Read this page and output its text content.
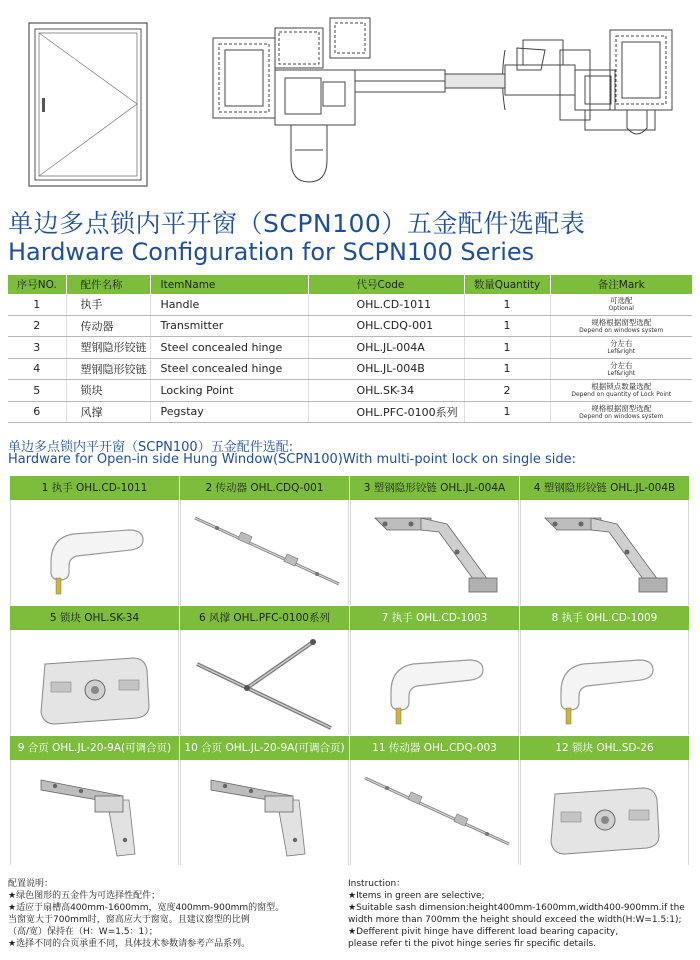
单边多点锁内平开窗（SCPN100）五金配件选配表
Hardware Configuration for SCPN100 Series
序号NO.	配件名称	ItemName	代号Code	数量Quantity	备注Mark
1	执手	Handle	OHL.CD-1011	1	可选配
Optional

2	传动器	Transmitter	OHL.CDQ-001	1	规格根据窗型选配
Depend on windows system

3	塑钢隐形铰链	Steel concealed hinge	OHL.JL-004A	1	分左右
Lef&right

4	塑钢隐形铰链	Steel concealed hinge	OHL.JL-004B	1	分左右
Lef&right

5	锁块	Locking Point	OHL.SK-34	2	根据锁点数量选配
Depend on quantity of Lock Point

6	风撑	Pegstay	OHL.PFC-0100系列	1	规格根据窗型选配
Depend on windows system
单边多点锁内平开窗（SCPN100）五金配件选配:
Hardware for Open-in side Hung Window(SCPN100)With multi-point lock on single side:
1 执手 OHL.CD-1011	2 传动器 OHL.CDQ-001	3 塑钢隐形铰链 OHL.JL-004A	4 塑钢隐形铰链 OHL.JL-004B
5 锁块 OHL.SK-34	6 风撑 OHL.PFC-0100系列	7 执手 OHL.CD-1003	8 执手 OHL.CD-1009
9 合页 OHL.JL-20-9A(可调合页)	10 合页 OHL.JL-20-9A(可调合页)	11 传动器 OHL.CDQ-003	12 锁块 OHL.SD-26
配置说明：
★绿色图形的五金件为可选择性配件；
★适应于扇槽高400mm-1600mm，宽度400mm-900mm的窗型。
当窗宽大于700mm时，窗高应大于窗宽。且建议窗型的比例
（高/宽）保持在（H：W=1.5：1）；
★选择不同的合页承重不同，具体技术参数请参考产品系列。
Instruction：
★Items in green are selective;
★Suitable sash dimension:height400mm-1600mm,width400-900mm.if the
width more than 700mm the height should exceed the width(H:W=1.5:1);
★Defferent pivit hinge have different load bearing capacity,
please refer ti the pivot hinge series fir specific details.
